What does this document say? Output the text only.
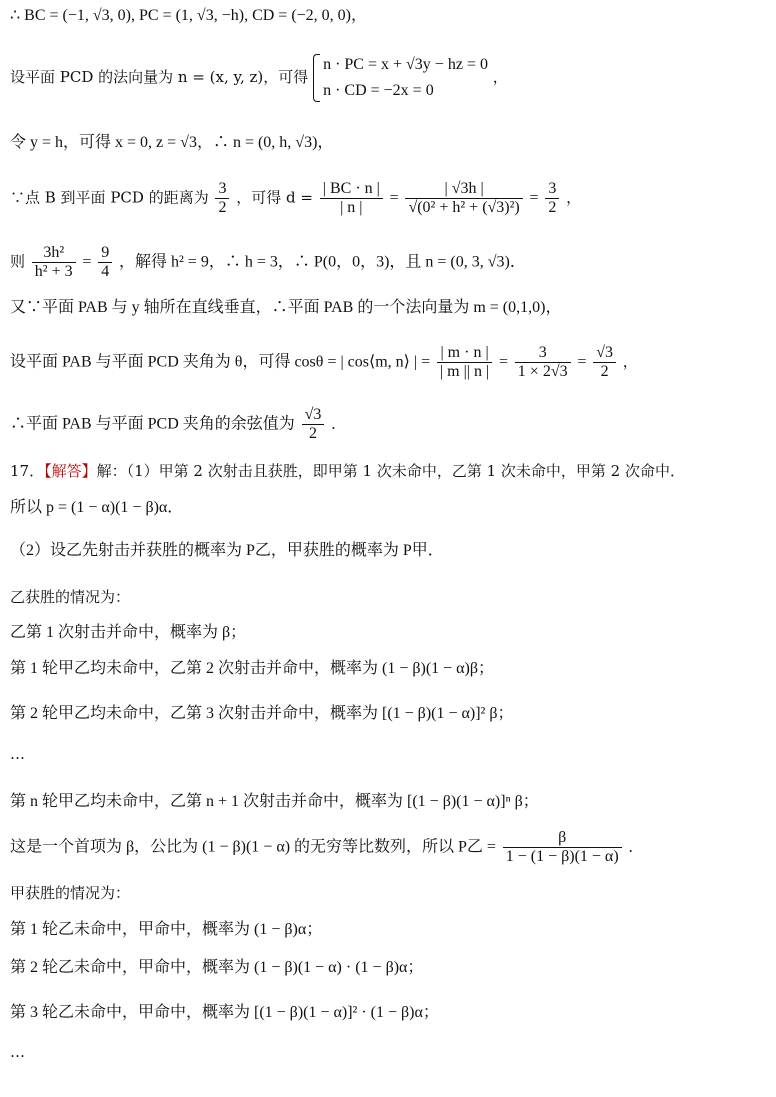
∴ BC = (−1, √3, 0), PC = (1, √3, −h), CD = (−2, 0, 0)，
设平面 PCD 的法向量为 n = (x, y, z)，可得
n · PC = x + √3y − hz = 0
n · CD = −2x = 0
，
令 y = h，可得 x = 0, z = √3，∴ n = (0, h, √3)，
∵点 B 到平面 PCD 的距离为 $\frac{3}{2}$ ，可得 $d = \frac{| BC \cdot n |}{| n |} = \frac{| √3h |}{\text{√(0² + h² + (√3)²)}} = \frac{3}{2}$ ，
则 $\frac{\text{3h²}}{\text{h² + 3}} = \frac{9}{4}$ ，解得 h² = 9，∴ h = 3，∴ P(0，0，3)，且 n = (0, 3, √3)．
又∵平面 PAB 与 y 轴所在直线垂直，∴平面 PAB 的一个法向量为 m = (0,1,0)，
设平面 PAB 与平面 PCD 夹角为 θ，可得 cosθ = | cos⟨m, n⟩ | = $\frac{| m \cdot n |}{| m || n |} = \frac{3}{1 \times 2√3} = \frac{√3}{2}$ ，
∴平面 PAB 与平面 PCD 夹角的余弦值为 $\frac{√3}{2}$ ．
17．【解答】解：（1）甲第 2 次射击且获胜，即甲第 1 次未命中，乙第 1 次未命中，甲第 2 次命中．
所以 p = (1 − α)(1 − β)α．
（2）设乙先射击并获胜的概率为 P乙，甲获胜的概率为 P甲．
乙获胜的情况为：
乙第 1 次射击并命中，概率为 β；
第 1 轮甲乙均未命中，乙第 2 次射击并命中，概率为 (1 − β)(1 − α)β；
第 2 轮甲乙均未命中，乙第 3 次射击并命中，概率为 [(1 − β)(1 − α)]² β；
…
第 n 轮甲乙均未命中，乙第 n + 1 次射击并命中，概率为 [(1 − β)(1 − α)]ⁿ β；
这是一个首项为 β，公比为 (1 − β)(1 − α) 的无穷等比数列，所以 P乙 = $\frac{\beta}{1 - (1 - \beta)(1 - \alpha)}$ ．
甲获胜的情况为：
第 1 轮乙未命中，甲命中，概率为 (1 − β)α；
第 2 轮乙未命中，甲命中，概率为 (1 − β)(1 − α) · (1 − β)α；
第 3 轮乙未命中，甲命中，概率为 [(1 − β)(1 − α)]² · (1 − β)α；
…
